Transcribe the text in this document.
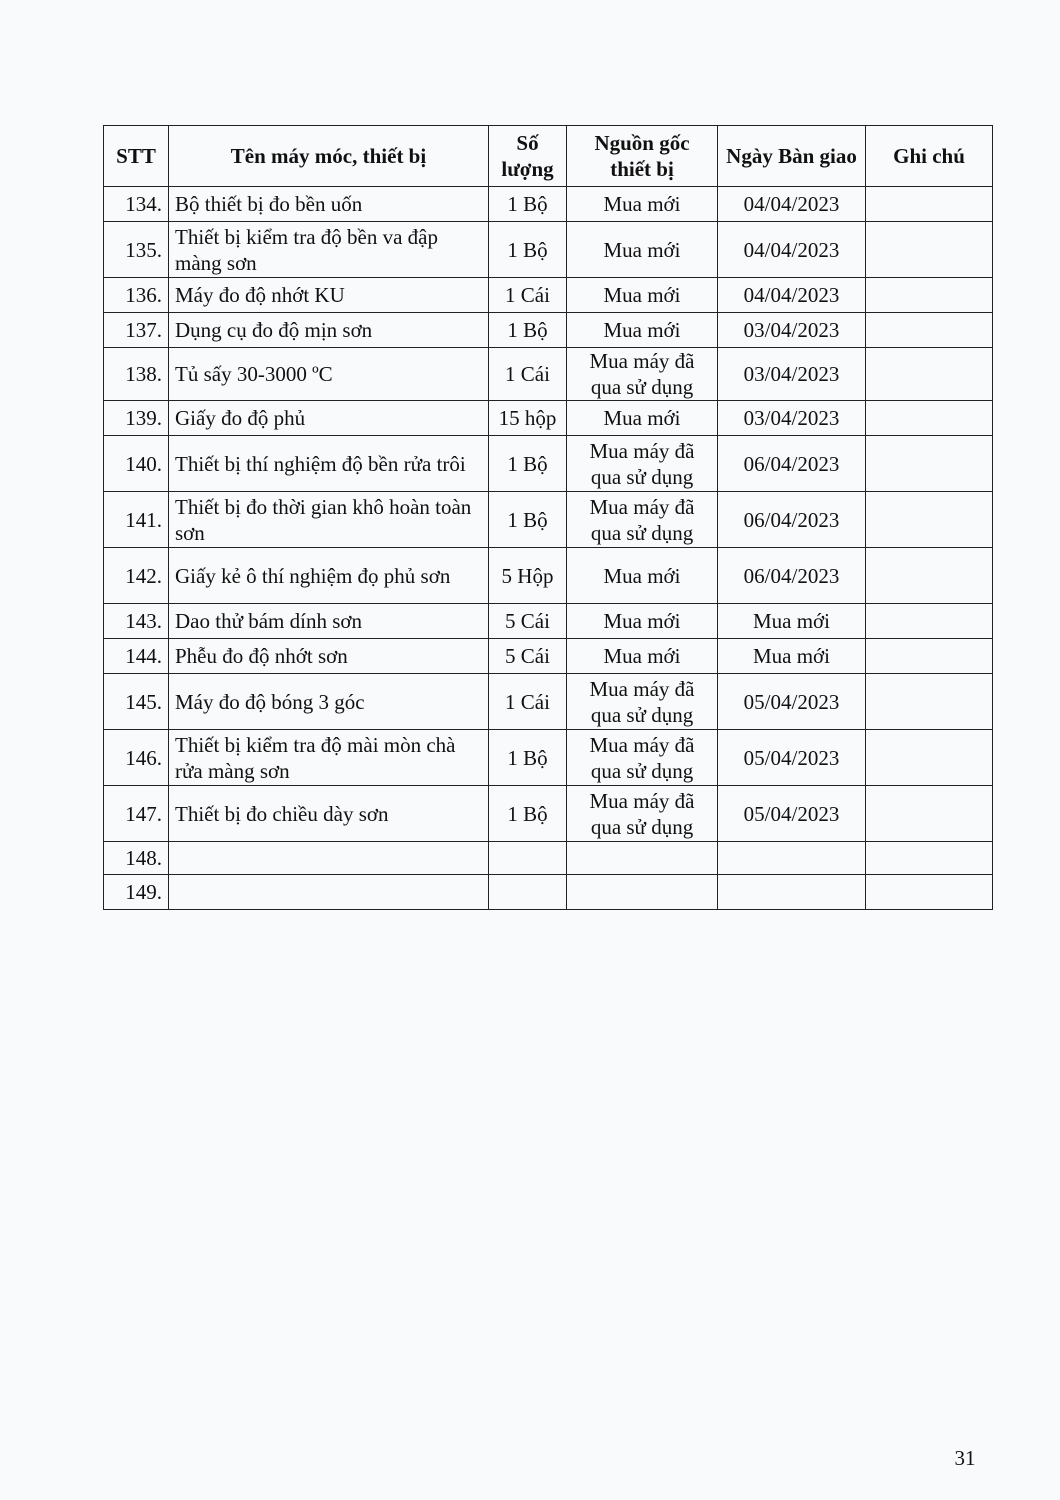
STT	Tên máy móc, thiết bị	Số lượng	Nguồn gốc thiết bị	Ngày Bàn giao	Ghi chú
134.	Bộ thiết bị đo bền uốn	1 Bộ	Mua mới	04/04/2023	
135.	Thiết bị kiểm tra độ bền va đập màng sơn	1 Bộ	Mua mới	04/04/2023	
136.	Máy đo độ nhớt KU	1 Cái	Mua mới	04/04/2023	
137.	Dụng cụ đo độ mịn sơn	1 Bộ	Mua mới	03/04/2023	
138.	Tủ sấy 30-3000 ºC	1 Cái	Mua máy đã qua sử dụng	03/04/2023	
139.	Giấy đo độ phủ	15 hộp	Mua mới	03/04/2023	
140.	Thiết bị thí nghiệm độ bền rửa trôi	1 Bộ	Mua máy đã qua sử dụng	06/04/2023	
141.	Thiết bị đo thời gian khô hoàn toàn sơn	1 Bộ	Mua máy đã qua sử dụng	06/04/2023	
142.	Giấy kẻ ô thí nghiệm đọ phủ sơn	5 Hộp	Mua mới	06/04/2023	
143.	Dao thử bám dính sơn	5 Cái	Mua mới	Mua mới	
144.	Phễu đo độ nhớt sơn	5 Cái	Mua mới	Mua mới	
145.	Máy đo độ bóng 3 góc	1 Cái	Mua máy đã qua sử dụng	05/04/2023	
146.	Thiết bị kiểm tra độ mài mòn chà rửa màng sơn	1 Bộ	Mua máy đã qua sử dụng	05/04/2023	
147.	Thiết bị đo chiều dày sơn	1 Bộ	Mua máy đã qua sử dụng	05/04/2023	
148.					
149.					
31
